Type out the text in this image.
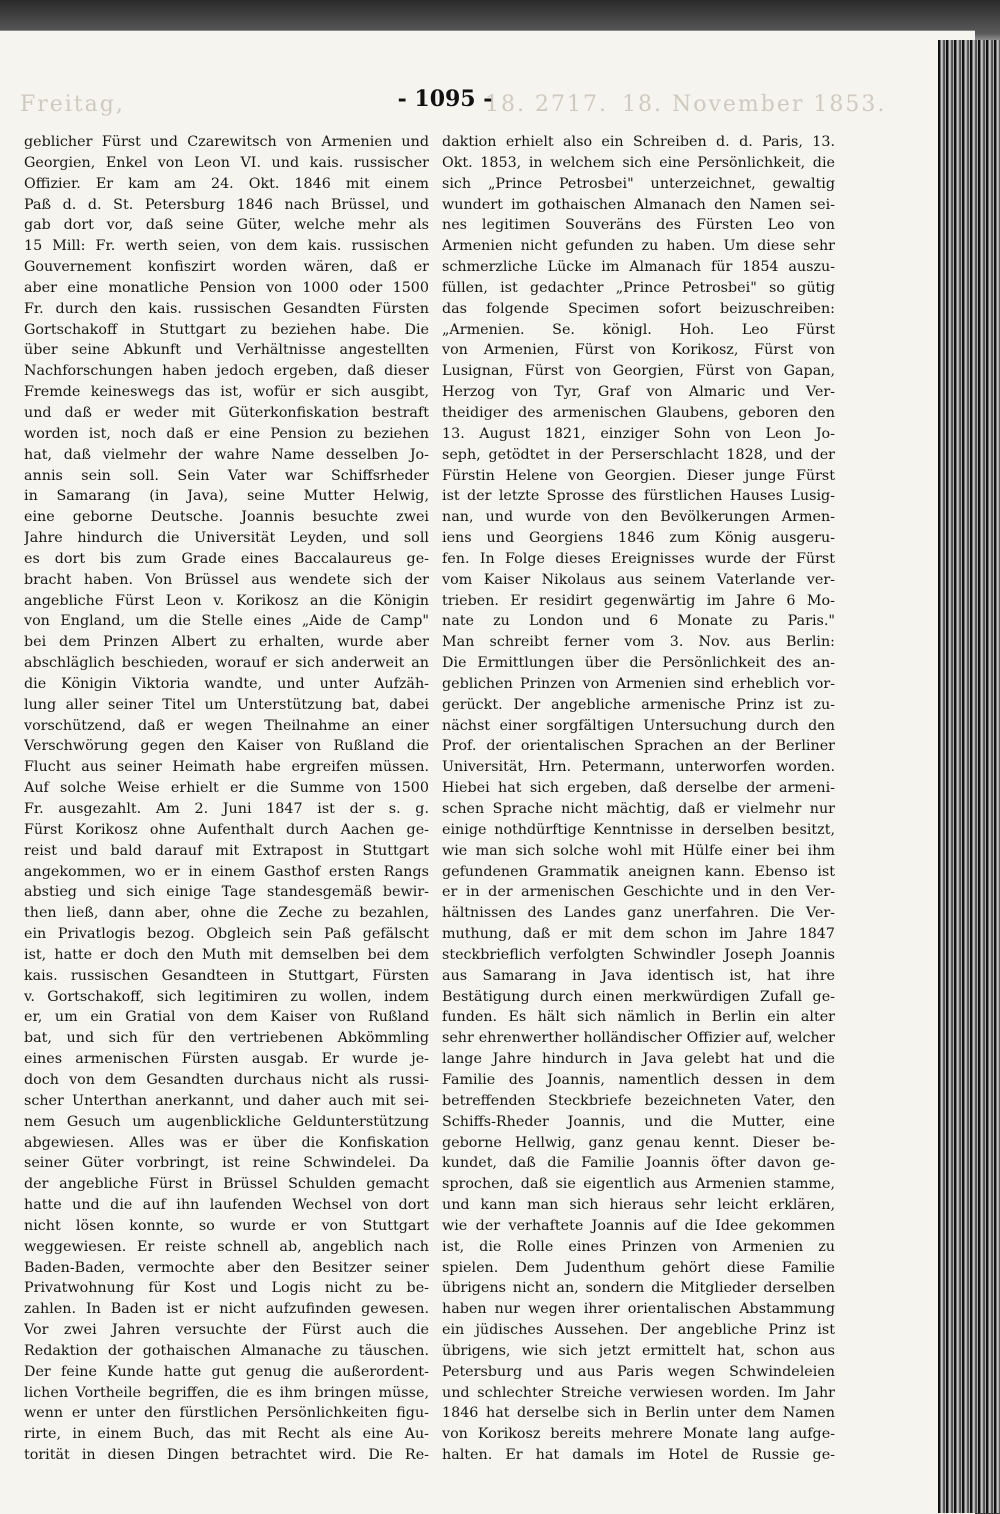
Freitag,	18. 2717. 18. November 1853.
- 1095 -
geblicher Fürst und Czarewitsch von Armenien und
Georgien, Enkel von Leon VI. und kais. russischer
Offizier. Er kam am 24. Okt. 1846 mit einem
Paß d. d. St. Petersburg 1846 nach Brüssel, und
gab dort vor, daß seine Güter, welche mehr als
15 Mill: Fr. werth seien, von dem kais. russischen
Gouvernement konfiszirt worden wären, daß er
aber eine monatliche Pension von 1000 oder 1500
Fr. durch den kais. russischen Gesandten Fürsten
Gortschakoff in Stuttgart zu beziehen habe. Die
über seine Abkunft und Verhältnisse angestellten
Nachforschungen haben jedoch ergeben, daß dieser
Fremde keineswegs das ist, wofür er sich ausgibt,
und daß er weder mit Güterkonfiskation bestraft
worden ist, noch daß er eine Pension zu beziehen
hat, daß vielmehr der wahre Name desselben Jo-
annis sein soll. Sein Vater war Schiffsrheder
in Samarang (in Java), seine Mutter Helwig,
eine geborne Deutsche. Joannis besuchte zwei
Jahre hindurch die Universität Leyden, und soll
es dort bis zum Grade eines Baccalaureus ge-
bracht haben. Von Brüssel aus wendete sich der
angebliche Fürst Leon v. Korikosz an die Königin
von England, um die Stelle eines „Aide de Camp"
bei dem Prinzen Albert zu erhalten, wurde aber
abschläglich beschieden, worauf er sich anderweit an
die Königin Viktoria wandte, und unter Aufzäh-
lung aller seiner Titel um Unterstützung bat, dabei
vorschützend, daß er wegen Theilnahme an einer
Verschwörung gegen den Kaiser von Rußland die
Flucht aus seiner Heimath habe ergreifen müssen.
Auf solche Weise erhielt er die Summe von 1500
Fr. ausgezahlt. Am 2. Juni 1847 ist der s. g.
Fürst Korikosz ohne Aufenthalt durch Aachen ge-
reist und bald darauf mit Extrapost in Stuttgart
angekommen, wo er in einem Gasthof ersten Rangs
abstieg und sich einige Tage standesgemäß bewir-
then ließ, dann aber, ohne die Zeche zu bezahlen,
ein Privatlogis bezog. Obgleich sein Paß gefälscht
ist, hatte er doch den Muth mit demselben bei dem
kais. russischen Gesandteen in Stuttgart, Fürsten
v. Gortschakoff, sich legitimiren zu wollen, indem
er, um ein Gratial von dem Kaiser von Rußland
bat, und sich für den vertriebenen Abkömmling
eines armenischen Fürsten ausgab. Er wurde je-
doch von dem Gesandten durchaus nicht als russi-
scher Unterthan anerkannt, und daher auch mit sei-
nem Gesuch um augenblickliche Geldunterstützung
abgewiesen. Alles was er über die Konfiskation
seiner Güter vorbringt, ist reine Schwindelei. Da
der angebliche Fürst in Brüssel Schulden gemacht
hatte und die auf ihn laufenden Wechsel von dort
nicht lösen konnte, so wurde er von Stuttgart
weggewiesen. Er reiste schnell ab, angeblich nach
Baden-Baden, vermochte aber den Besitzer seiner
Privatwohnung für Kost und Logis nicht zu be-
zahlen. In Baden ist er nicht aufzufinden gewesen.
Vor zwei Jahren versuchte der Fürst auch die
Redaktion der gothaischen Almanache zu täuschen.
Der feine Kunde hatte gut genug die außerordent-
lichen Vortheile begriffen, die es ihm bringen müsse,
wenn er unter den fürstlichen Persönlichkeiten figu-
rirte, in einem Buch, das mit Recht als eine Au-
torität in diesen Dingen betrachtet wird. Die Re-
daktion erhielt also ein Schreiben d. d. Paris, 13.
Okt. 1853, in welchem sich eine Persönlichkeit, die
sich „Prince Petrosbei" unterzeichnet, gewaltig
wundert im gothaischen Almanach den Namen sei-
nes legitimen Souveräns des Fürsten Leo von
Armenien nicht gefunden zu haben. Um diese sehr
schmerzliche Lücke im Almanach für 1854 auszu-
füllen, ist gedachter „Prince Petrosbei" so gütig
das folgende Specimen sofort beizuschreiben:
„Armenien. Se. königl. Hoh. Leo Fürst
von Armenien, Fürst von Korikosz, Fürst von
Lusignan, Fürst von Georgien, Fürst von Gapan,
Herzog von Tyr, Graf von Almaric und Ver-
theidiger des armenischen Glaubens, geboren den
13. August 1821, einziger Sohn von Leon Jo-
seph, getödtet in der Perserschlacht 1828, und der
Fürstin Helene von Georgien. Dieser junge Fürst
ist der letzte Sprosse des fürstlichen Hauses Lusig-
nan, und wurde von den Bevölkerungen Armen-
iens und Georgiens 1846 zum König ausgeru-
fen. In Folge dieses Ereignisses wurde der Fürst
vom Kaiser Nikolaus aus seinem Vaterlande ver-
trieben. Er residirt gegenwärtig im Jahre 6 Mo-
nate zu London und 6 Monate zu Paris."
Man schreibt ferner vom 3. Nov. aus Berlin:
Die Ermittlungen über die Persönlichkeit des an-
geblichen Prinzen von Armenien sind erheblich vor-
gerückt. Der angebliche armenische Prinz ist zu-
nächst einer sorgfältigen Untersuchung durch den
Prof. der orientalischen Sprachen an der Berliner
Universität, Hrn. Petermann, unterworfen worden.
Hiebei hat sich ergeben, daß derselbe der armeni-
schen Sprache nicht mächtig, daß er vielmehr nur
einige nothdürftige Kenntnisse in derselben besitzt,
wie man sich solche wohl mit Hülfe einer bei ihm
gefundenen Grammatik aneignen kann. Ebenso ist
er in der armenischen Geschichte und in den Ver-
hältnissen des Landes ganz unerfahren. Die Ver-
muthung, daß er mit dem schon im Jahre 1847
steckbrieflich verfolgten Schwindler Joseph Joannis
aus Samarang in Java identisch ist, hat ihre
Bestätigung durch einen merkwürdigen Zufall ge-
funden. Es hält sich nämlich in Berlin ein alter
sehr ehrenwerther holländischer Offizier auf, welcher
lange Jahre hindurch in Java gelebt hat und die
Familie des Joannis, namentlich dessen in dem
betreffenden Steckbriefe bezeichneten Vater, den
Schiffs-Rheder Joannis, und die Mutter, eine
geborne Hellwig, ganz genau kennt. Dieser be-
kundet, daß die Familie Joannis öfter davon ge-
sprochen, daß sie eigentlich aus Armenien stamme,
und kann man sich hieraus sehr leicht erklären,
wie der verhaftete Joannis auf die Idee gekommen
ist, die Rolle eines Prinzen von Armenien zu
spielen. Dem Judenthum gehört diese Familie
übrigens nicht an, sondern die Mitglieder derselben
haben nur wegen ihrer orientalischen Abstammung
ein jüdisches Aussehen. Der angebliche Prinz ist
übrigens, wie sich jetzt ermittelt hat, schon aus
Petersburg und aus Paris wegen Schwindeleien
und schlechter Streiche verwiesen worden. Im Jahr
1846 hat derselbe sich in Berlin unter dem Namen
von Korikosz bereits mehrere Monate lang aufge-
halten. Er hat damals im Hotel de Russie ge-
